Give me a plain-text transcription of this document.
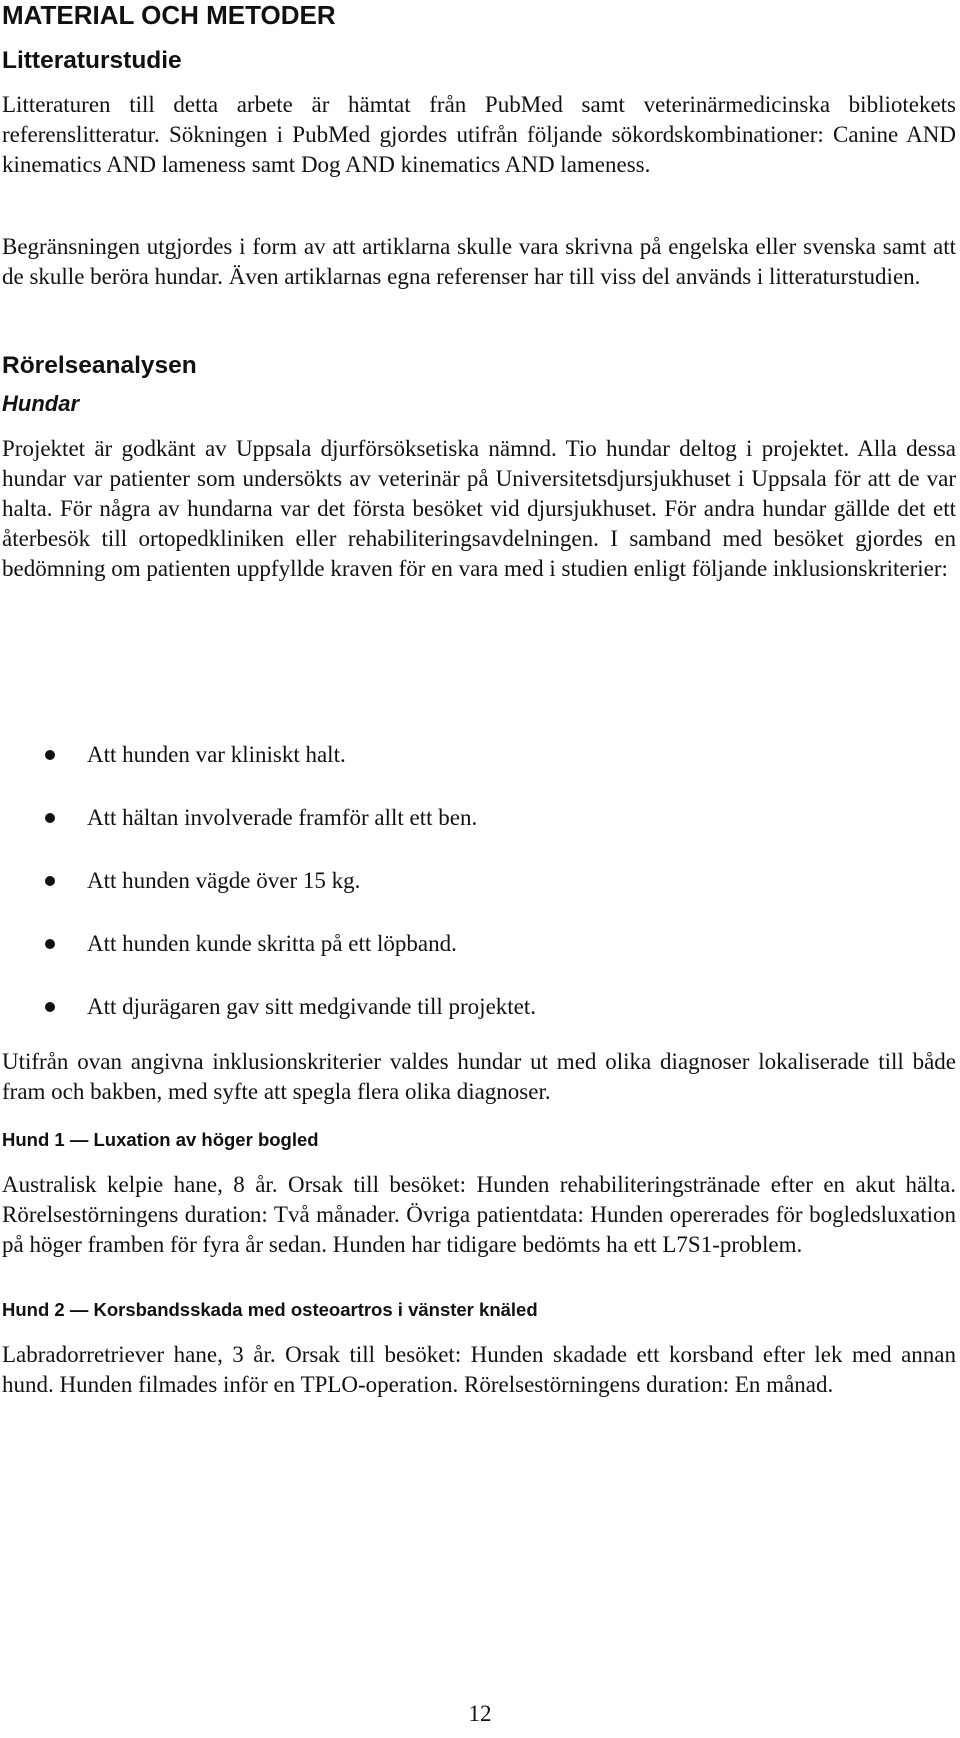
MATERIAL OCH METODER
Litteraturstudie
Litteraturen till detta arbete är hämtat från PubMed samt veterinärmedicinska bibliotekets referenslitteratur. Sökningen i PubMed gjordes utifrån följande sökordskombinationer: Canine AND kinematics AND lameness samt Dog AND kinematics AND lameness.
Begränsningen utgjordes i form av att artiklarna skulle vara skrivna på engelska eller svenska samt att de skulle beröra hundar. Även artiklarnas egna referenser har till viss del används i litteraturstudien.
Rörelseanalysen
Hundar
Projektet är godkänt av Uppsala djurförsöksetiska nämnd. Tio hundar deltog i projektet. Alla dessa hundar var patienter som undersökts av veterinär på Universitetsdjursjukhuset i Uppsala för att de var halta. För några av hundarna var det första besöket vid djursjukhuset. För andra hundar gällde det ett återbesök till ortopedkliniken eller rehabiliteringsavdelningen. I samband med besöket gjordes en bedömning om patienten uppfyllde kraven för en vara med i studien enligt följande inklusionskriterier:
Att hunden var kliniskt halt.
Att hältan involverade framför allt ett ben.
Att hunden vägde över 15 kg.
Att hunden kunde skritta på ett löpband.
Att djurägaren gav sitt medgivande till projektet.
Utifrån ovan angivna inklusionskriterier valdes hundar ut med olika diagnoser lokaliserade till både fram och bakben, med syfte att spegla flera olika diagnoser.
Hund 1 — Luxation av höger bogled
Australisk kelpie hane, 8 år. Orsak till besöket: Hunden rehabiliteringstränade efter en akut hälta. Rörelsestörningens duration: Två månader. Övriga patientdata: Hunden opererades för bogledsluxation på höger framben för fyra år sedan. Hunden har tidigare bedömts ha ett L7S1-problem.
Hund 2 — Korsbandsskada med osteoartros i vänster knäled
Labradorretriever hane, 3 år. Orsak till besöket: Hunden skadade ett korsband efter lek med annan hund. Hunden filmades inför en TPLO-operation. Rörelsestörningens duration: En månad.
12
